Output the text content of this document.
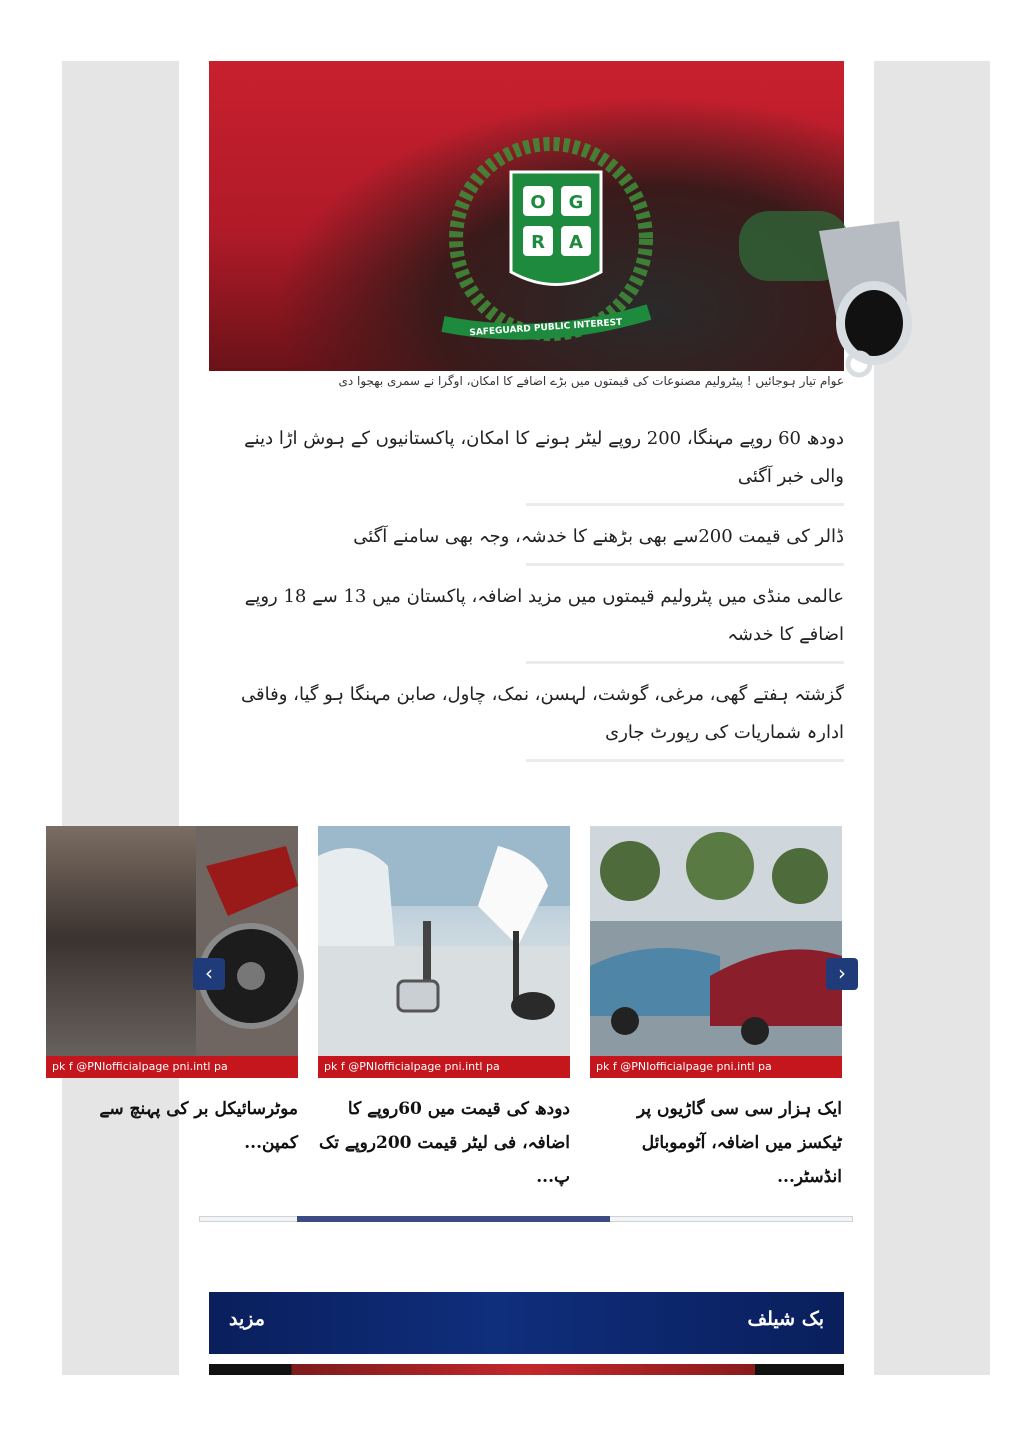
O G
R A
SAFEGUARD PUBLIC INTEREST
عوام تیار ہوجائیں ! پیٹرولیم مصنوعات کی قیمتوں میں بڑے اضافے کا امکان، اوگرا نے سمری بھجوا دی
دودھ 60 روپے مہنگا، 200 روپے لیٹر ہونے کا امکان، پاکستانیوں کے ہوش اڑا دینے والی خبر آگئی
ڈالر کی قیمت 200سے بھی بڑھنے کا خدشہ، وجہ بھی سامنے آگئی
عالمی منڈی میں پٹرولیم قیمتوں میں مزید اضافہ، پاکستان میں 13 سے 18 روپے اضافے کا خدشہ
گزشتہ ہفتے گھی، مرغی، گوشت، لہسن، نمک، چاول، صابن مہنگا ہو گیا، وفاقی ادارہ شماریات کی رپورٹ جاری
pk f @PNIofficialpage pni.intl pa
ایک ہزار سی سی گاڑیوں پر ٹیکسز میں اضافہ، آٹوموبائل انڈسٹر...
pk f @PNIofficialpage pni.intl pa
دودھ کی قیمت میں 60روپے کا اضافہ، فی لیٹر قیمت 200روپے تک پ...
pk f @PNIofficialpage pni.intl pa
موٹرسائیکل بر کی پہنچ سے کمپن...
‹	›
بک شیلف
مزید
